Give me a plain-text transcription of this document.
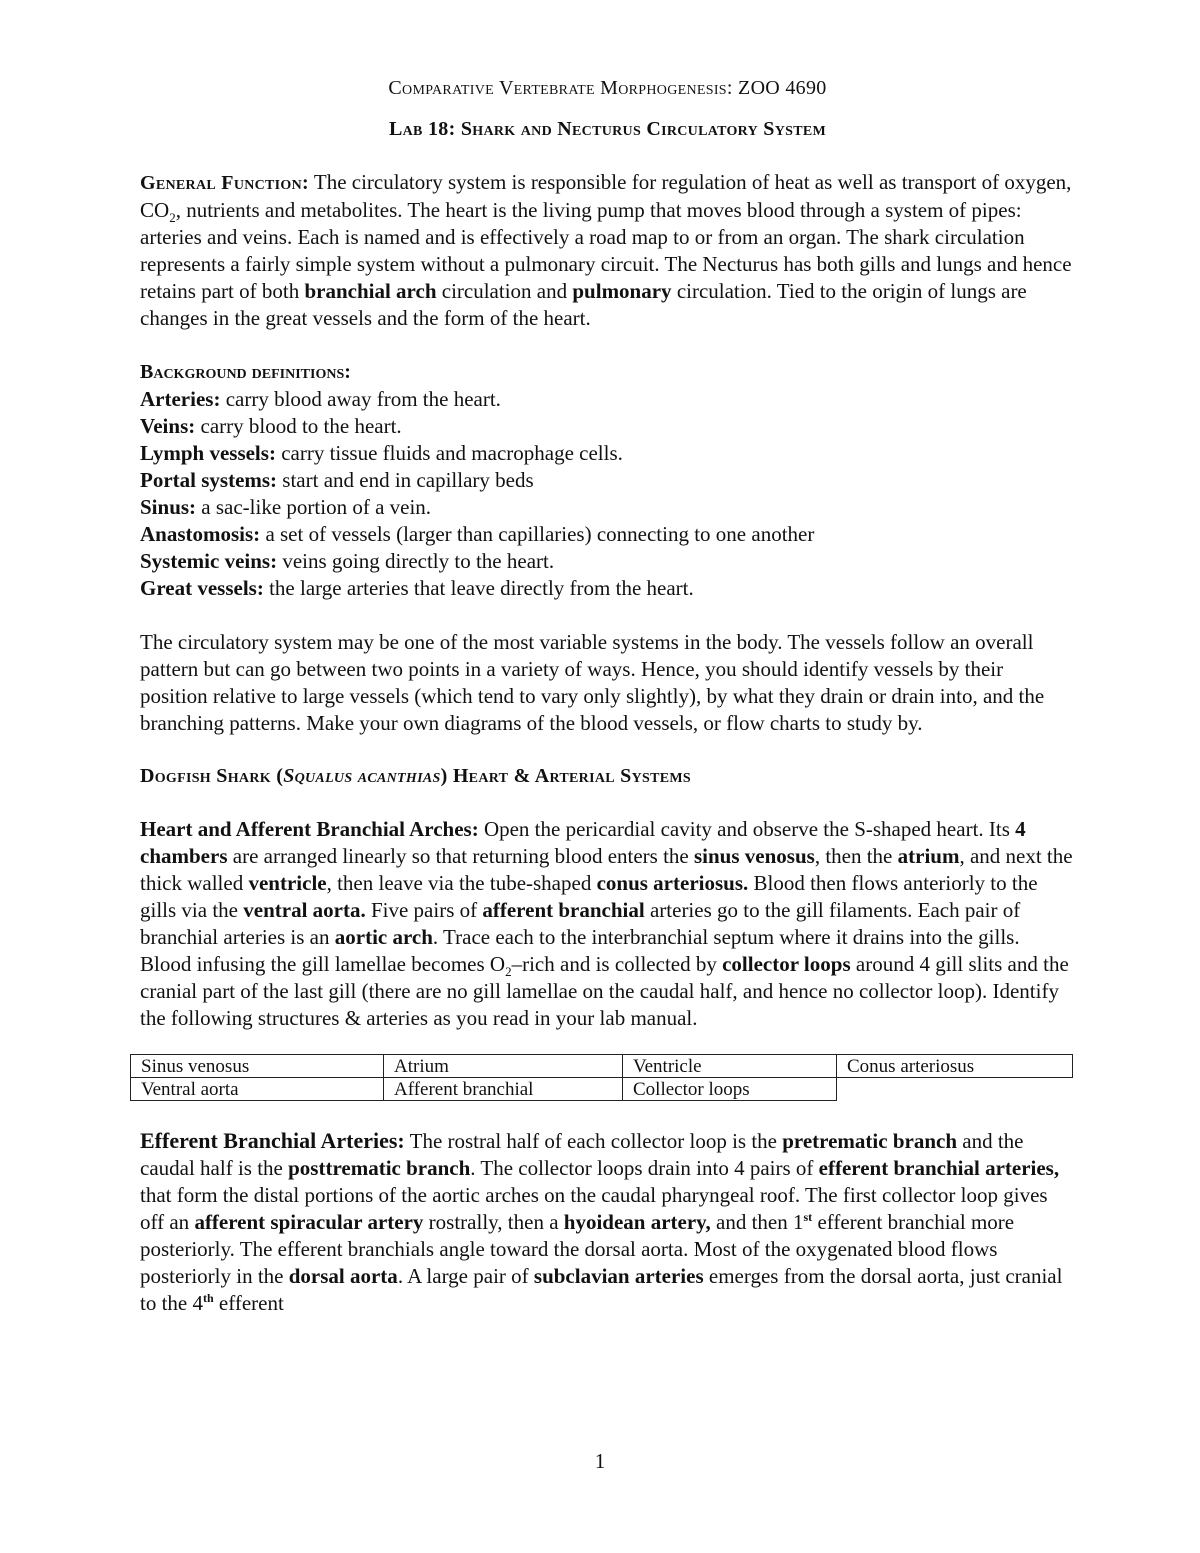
Comparative Vertebrate Morphogenesis: ZOO 4690
Lab 18: Shark and Necturus Circulatory System

General Function: The circulatory system is responsible for regulation of heat as well as transport of oxygen, $CO_2$, nutrients and metabolites. The heart is the living pump that moves blood through a system of pipes: arteries and veins. Each is named and is effectively a road map to or from an organ. The shark circulation represents a fairly simple system without a pulmonary circuit. The Necturus has both gills and lungs and hence retains part of both branchial arch circulation and pulmonary circulation. Tied to the origin of lungs are changes in the great vessels and the form of the heart.

Background definitions:
Arteries: carry blood away from the heart.
Veins: carry blood to the heart.
Lymph vessels: carry tissue fluids and macrophage cells.
Portal systems: start and end in capillary beds
Sinus: a sac-like portion of a vein.
Anastomosis: a set of vessels (larger than capillaries) connecting to one another
Systemic veins: veins going directly to the heart.
Great vessels: the large arteries that leave directly from the heart.

The circulatory system may be one of the most variable systems in the body. The vessels follow an overall pattern but can go between two points in a variety of ways. Hence, you should identify vessels by their position relative to large vessels (which tend to vary only slightly), by what they drain or drain into, and the branching patterns. Make your own diagrams of the blood vessels, or flow charts to study by.

Dogfish Shark (Squalus acanthias) Heart & Arterial Systems

Heart and Afferent Branchial Arches: Open the pericardial cavity and observe the S-shaped heart. Its 4 chambers are arranged linearly so that returning blood enters the sinus venosus, then the atrium, and next the thick walled ventricle, then leave via the tube-shaped conus arteriosus. Blood then flows anteriorly to the gills via the ventral aorta. Five pairs of afferent branchial arteries go to the gill filaments. Each pair of branchial arteries is an aortic arch. Trace each to the interbranchial septum where it drains into the gills. Blood infusing the gill lamellae becomes $O_2$–rich and is collected by collector loops around 4 gill slits and the cranial part of the last gill (there are no gill lamellae on the caudal half, and hence no collector loop). Identify the following structures & arteries as you read in your lab manual.

Sinus venosus	Atrium	Ventricle	Conus arteriosus
Ventral aorta	Afferent branchial	Collector loops	

Efferent Branchial Arteries: The rostral half of each collector loop is the pretrematic branch and the caudal half is the posttrematic branch. The collector loops drain into 4 pairs of efferent branchial arteries, that form the distal portions of the aortic arches on the caudal pharyngeal roof. The first collector loop gives off an afferent spiracular artery rostrally, then a hyoidean artery, and then 1st efferent branchial more posteriorly. The efferent branchials angle toward the dorsal aorta. Most of the oxygenated blood flows posteriorly in the dorsal aorta. A large pair of subclavian arteries emerges from the dorsal aorta, just cranial to the 4th efferent

1
